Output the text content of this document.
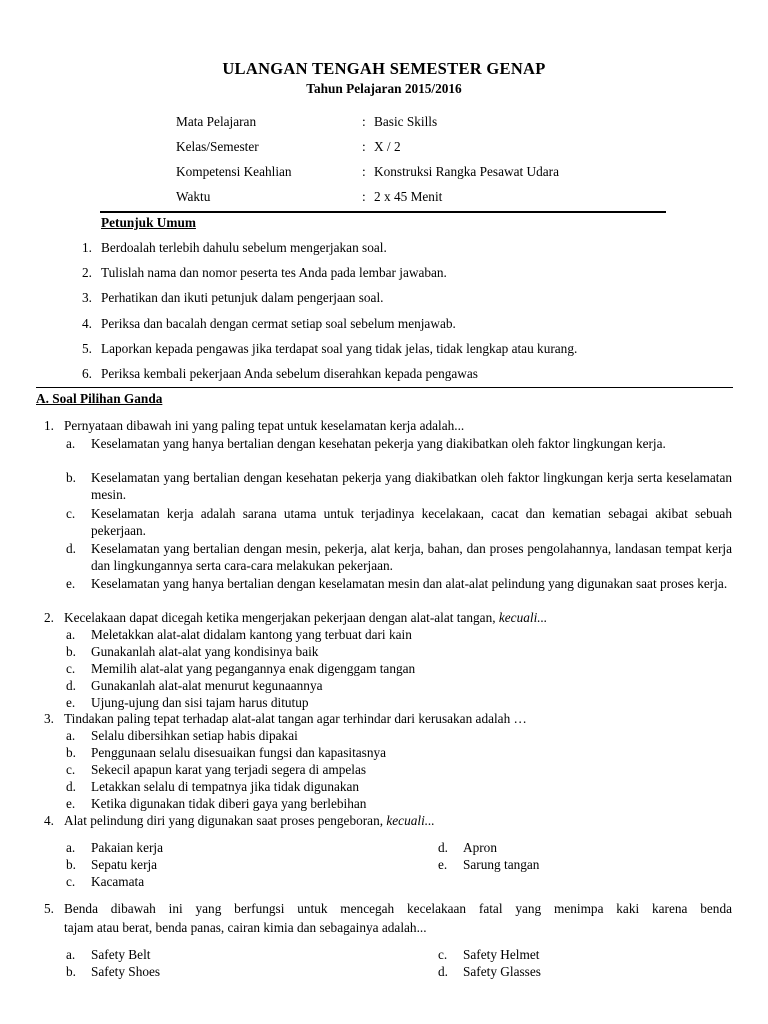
ULANGAN TENGAH SEMESTER GENAP
Tahun Pelajaran 2015/2016
Mata Pelajaran	: Basic Skills
Kelas/Semester	: X / 2
Kompetensi Keahlian	: Konstruksi Rangka Pesawat Udara
Waktu	: 2 x 45 Menit
Petunjuk Umum
1. Berdoalah terlebih dahulu sebelum mengerjakan soal.
2. Tulislah nama dan nomor peserta tes Anda pada lembar jawaban.
3. Perhatikan dan ikuti petunjuk dalam pengerjaan soal.
4. Periksa dan bacalah dengan cermat setiap soal sebelum menjawab.
5. Laporkan kepada pengawas jika terdapat soal yang tidak jelas, tidak lengkap atau kurang.
6. Periksa kembali pekerjaan Anda sebelum diserahkan kepada pengawas
A. Soal Pilihan Ganda
1. Pernyataan dibawah ini yang paling tepat untuk keselamatan kerja adalah...
a.	Keselamatan yang hanya bertalian dengan kesehatan pekerja yang diakibatkan oleh faktor lingkungan kerja.
b.	Keselamatan yang bertalian dengan kesehatan pekerja yang diakibatkan oleh faktor lingkungan kerja serta keselamatan mesin.
c.	Keselamatan kerja adalah sarana utama untuk terjadinya kecelakaan, cacat dan kematian sebagai akibat sebuah pekerjaan.
d.	Keselamatan yang bertalian dengan mesin, pekerja, alat kerja, bahan, dan proses pengolahannya, landasan tempat kerja dan lingkungannya serta cara-cara melakukan pekerjaan.
e.	Keselamatan yang hanya bertalian dengan keselamatan mesin dan alat-alat pelindung yang digunakan saat proses kerja.
2. Kecelakaan dapat dicegah ketika mengerjakan pekerjaan dengan alat-alat tangan, kecuali...
a.	Meletakkan alat-alat didalam kantong yang terbuat dari kain
b.	Gunakanlah alat-alat yang kondisinya baik
c.	Memilih alat-alat yang pegangannya enak digenggam tangan
d.	Gunakanlah alat-alat menurut kegunaannya
e.	Ujung-ujung dan sisi tajam harus ditutup
3. Tindakan paling tepat terhadap alat-alat tangan agar terhindar dari kerusakan adalah …
a.	Selalu dibersihkan setiap habis dipakai
b.	Penggunaan selalu disesuaikan fungsi dan kapasitasnya
c.	Sekecil apapun karat yang terjadi segera di ampelas
d.	Letakkan selalu di tempatnya jika tidak digunakan
e.	Ketika digunakan tidak diberi gaya yang berlebihan
4. Alat pelindung diri yang digunakan saat proses pengeboran, kecuali...
a.	Pakaian kerja
b.	Sepatu kerja
c.	Kacamata
d.	Apron
e.	Sarung tangan
5. Benda dibawah ini yang berfungsi untuk mencegah kecelakaan fatal yang menimpa kaki karena benda
tajam atau berat, benda panas, cairan kimia dan sebagainya adalah...
a.	Safety Belt
b.	Safety Shoes
c.	Safety Helmet
d.	Safety Glasses
